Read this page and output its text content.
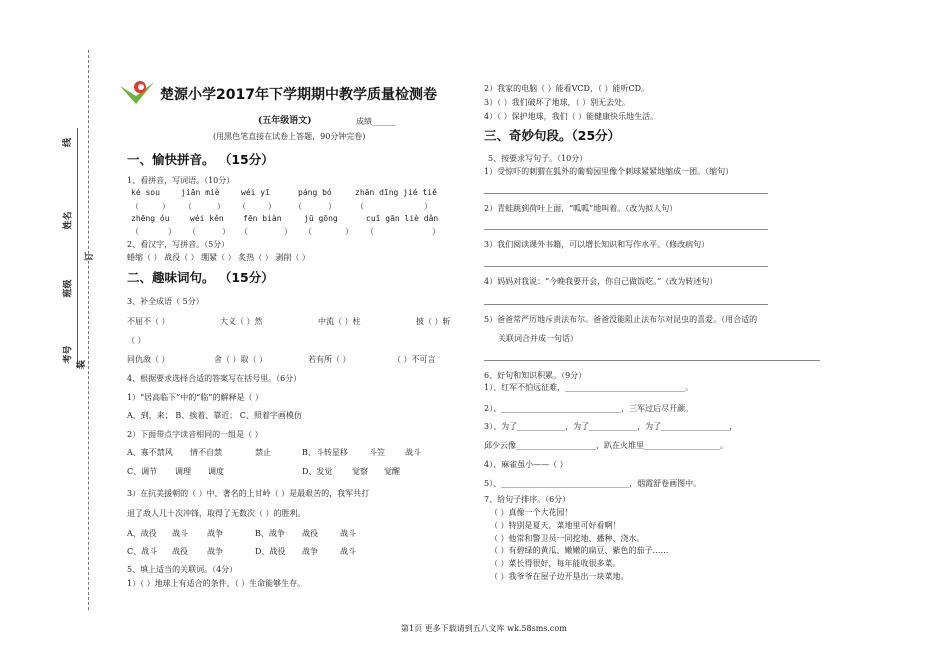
线
姓名
订
班级
考号
装
楚源小学2017年下学期期中教学质量检测卷
(五年级语文)	成绩______
(用黑色笔直接在试卷上答题，90分钟完卷)
一、愉快拼音。 （15分）
1、看拼音，写词语。（10分）
ké sou	jiān miè	wéi yī	páng bó	zhān dīng jié tiě
（	） （	） （	） （	）	（	）
zhēng óu	wéi kěn fēn biàn	jū gōng	cuī gān liè dǎn
（	） （	） （	） （	） （	）
2、看汉字，写拼音。（5分）
蜷缩（ ） 战役（ ） 绷紧（ ） 炙热（ ） 剥削（ ）
二、趣味词句。 （15分）
3、补全成语（ 5分）
不屈不（ ）	大义（ ）然	中流（ ）柱	披（ ）斩
（ ）
同仇敌（ ）	舍（ ）取（ ）	若有所（ ）	（ ）不可言
4、根据要求选择合适的答案写在括号里。（6分）
1）“居高临下”中的“临”的解释是（ ）
A、到，来； B、挨着、靠近； C、照着字画模仿
2）下面带点字读音相同的一组是（ ）
A、寡不禁风 情不自禁	禁止	B、斗转星移	斗笠	战斗
C、调节 调理 调度	D、发觉 觉察 觉醒
3）在抗美援朝的（ ）中，著名的上甘岭（ ）是最艰苦的，我军共打
退了敌人几十次冲锋，取得了无数次（ ）的胜利。
A、战役 战斗 战争	B、战争 战役	战斗
C、战斗 战役 战争	D、战役 战争	战斗
5、填上适当的关联词。（4分）
1）（ ）地球上有适合的条件，（ ）生命能够生存。
2）我家的电脑（ ）能看VCD，（ ）能听CD。
3）（ ）我们破坏了地球，（ ）别无去处。
4）（ ）保护地球，我们（ ）能健康快乐地生活。
三、奇妙句段。（25分）
5、按要求写句子。（10分）
1）受惊吓的刺猬在狐外的葡萄园里像个刺球紧紧地缩成一团。（缩句）
2）青蛙跳到荷叶上面，“呱呱”地叫着。（改为拟人句）
3）我们阅读课外书籍，可以增长知识和写作水平。（修改病句）
4）妈妈对我说：“今晚我要开会，你自己做饭吃。”（改为转述句）
5）爸爸常严厉地斥责法布尔。爸爸没能阻止法布尔对昆虫的喜爱。（用合适的
关联词合并成一句话）
6、好句和知识积累。（9分）
1）、红军不怕远征难，______________________________。
2）、______________________________，三军过后尽开颜。
3）、为了____________，为了____________，为了_________________，
邱少云像____________________，趴在火堆里___________________。
4）、麻雀虽小——（ ）
5）、________________________________，烟霞舒卷画图中。
7、给句子排序。（6分）
（ ）真像一个大花园！
（ ）特别是夏天，菜地里可好看啊！
（ ）他常和警卫员一同挖地、播种、浇水。
（ ）有碧绿的黄瓜、嫩嫩的扁豆、紫色的茄子……
（ ）菜长得很好，每年能收很多菜。
（ ）我爷爷在屋子边开垦出一块菜地。
第1页 更多下载请到五八文库 wk.58sms.com
